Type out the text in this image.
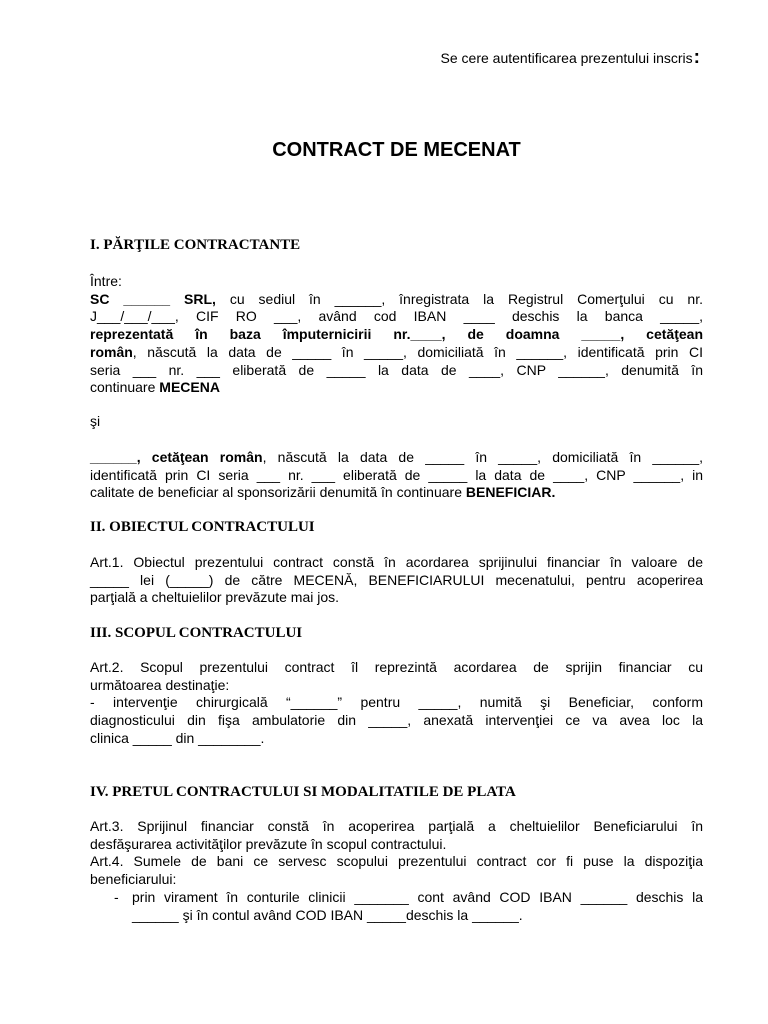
Se cere autentificarea prezentului inscris:
CONTRACT DE MECENAT
I. PĂRŢILE CONTRACTANTE
Între:
SC ______ SRL, cu sediul în ______, înregistrata la Registrul Comerţului cu nr.
J___/___/___, CIF RO ___, având cod IBAN ____ deschis la banca _____,
reprezentată în baza împuternicirii nr.____, de doamna _____, cetăţean
român, născută la data de _____ în _____, domiciliată în ______, identificată prin CI
seria ___ nr. ___ eliberată de _____ la data de ____, CNP ______, denumită în
continuare MECENA
şi
______, cetăţean român, născută la data de _____ în _____, domiciliată în ______,
identificată prin CI seria ___ nr. ___ eliberată de _____ la data de ____, CNP ______, in
calitate de beneficiar al sponsorizării denumită în continuare BENEFICIAR.
II. OBIECTUL CONTRACTULUI
Art.1. Obiectul prezentului contract constă în acordarea sprijinului financiar în valoare de
_____ lei (_____) de către MECENĂ, BENEFICIARULUI mecenatului, pentru acoperirea
parţială a cheltuielilor prevăzute mai jos.
III. SCOPUL CONTRACTULUI
Art.2. Scopul prezentului contract îl reprezintă acordarea de sprijin financiar cu
următoarea destinaţie:
- intervenţie chirurgicală “______” pentru _____, numită şi Beneficiar, conform
diagnosticului din fişa ambulatorie din _____, anexată intervenţiei ce va avea loc la
clinica _____ din ________.
IV. PRETUL CONTRACTULUI SI MODALITATILE DE PLATA
Art.3. Sprijinul financiar constă în acoperirea parţială a cheltuielilor Beneficiarului în
desfăşurarea activităţilor prevăzute în scopul contractului.
Art.4. Sumele de bani ce servesc scopului prezentului contract cor fi puse la dispoziţia
beneficiarului:
- prin virament în conturile clinicii _______ cont având COD IBAN ______ deschis la
______ şi în contul având COD IBAN _____deschis la ______.
